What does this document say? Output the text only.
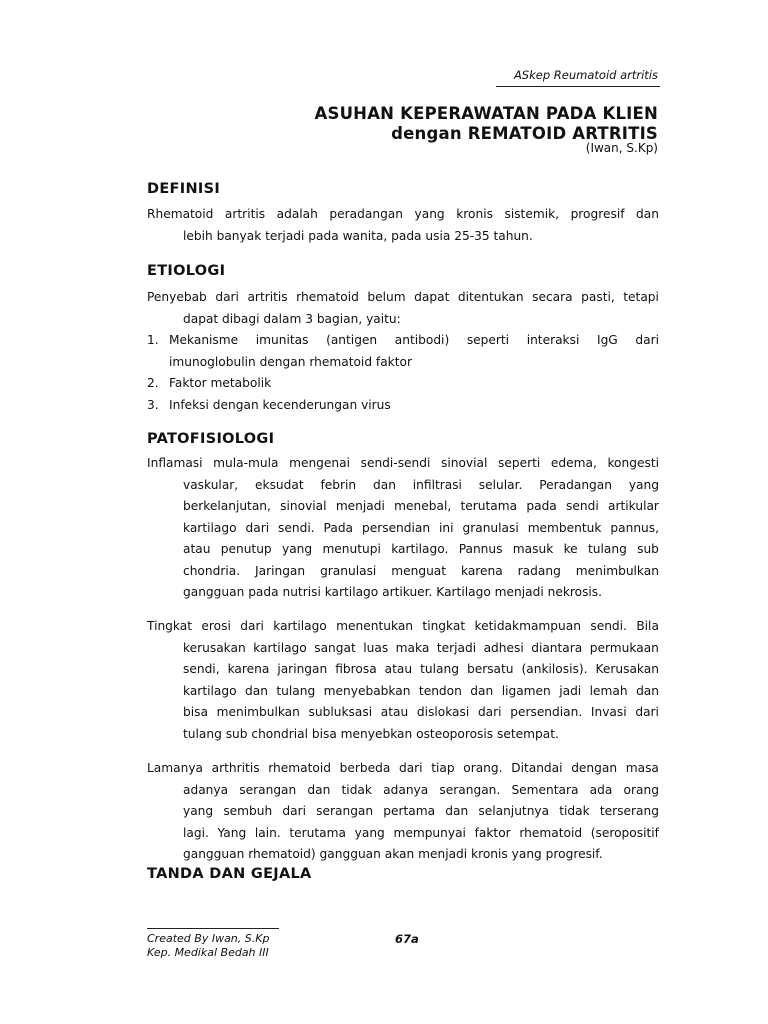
ASkep Reumatoid artritis
ASUHAN KEPERAWATAN PADA KLIEN
dengan REMATOID ARTRITIS
(Iwan, S.Kp)
DEFINISI
Rhematoid artritis adalah peradangan yang kronis sistemik, progresif dan
lebih banyak terjadi pada wanita, pada usia 25-35 tahun.
ETIOLOGI
Penyebab dari artritis rhematoid belum dapat ditentukan secara pasti, tetapi
dapat dibagi dalam 3 bagian, yaitu:
1. Mekanisme imunitas (antigen antibodi) seperti interaksi IgG dari
imunoglobulin dengan rhematoid faktor
2. Faktor metabolik
3. Infeksi dengan kecenderungan virus
PATOFISIOLOGI
Inflamasi mula-mula mengenai sendi-sendi sinovial seperti edema, kongesti
vaskular, eksudat febrin dan infiltrasi selular. Peradangan yang
berkelanjutan, sinovial menjadi menebal, terutama pada sendi artikular
kartilago dari sendi. Pada persendian ini granulasi membentuk pannus,
atau penutup yang menutupi kartilago. Pannus masuk ke tulang sub
chondria. Jaringan granulasi menguat karena radang menimbulkan
gangguan pada nutrisi kartilago artikuer. Kartilago menjadi nekrosis.
Tingkat erosi dari kartilago menentukan tingkat ketidakmampuan sendi. Bila
kerusakan kartilago sangat luas maka terjadi adhesi diantara permukaan
sendi, karena jaringan fibrosa atau tulang bersatu (ankilosis). Kerusakan
kartilago dan tulang menyebabkan tendon dan ligamen jadi lemah dan
bisa menimbulkan subluksasi atau dislokasi dari persendian. Invasi dari
tulang sub chondrial bisa menyebkan osteoporosis setempat.
Lamanya arthritis rhematoid berbeda dari tiap orang. Ditandai dengan masa
adanya serangan dan tidak adanya serangan. Sementara ada orang
yang sembuh dari serangan pertama dan selanjutnya tidak terserang
lagi. Yang lain. terutama yang mempunyai faktor rhematoid (seropositif
gangguan rhematoid) gangguan akan menjadi kronis yang progresif.
TANDA DAN GEJALA
Created By Iwan, S.Kp
Kep. Medikal Bedah III
67a
